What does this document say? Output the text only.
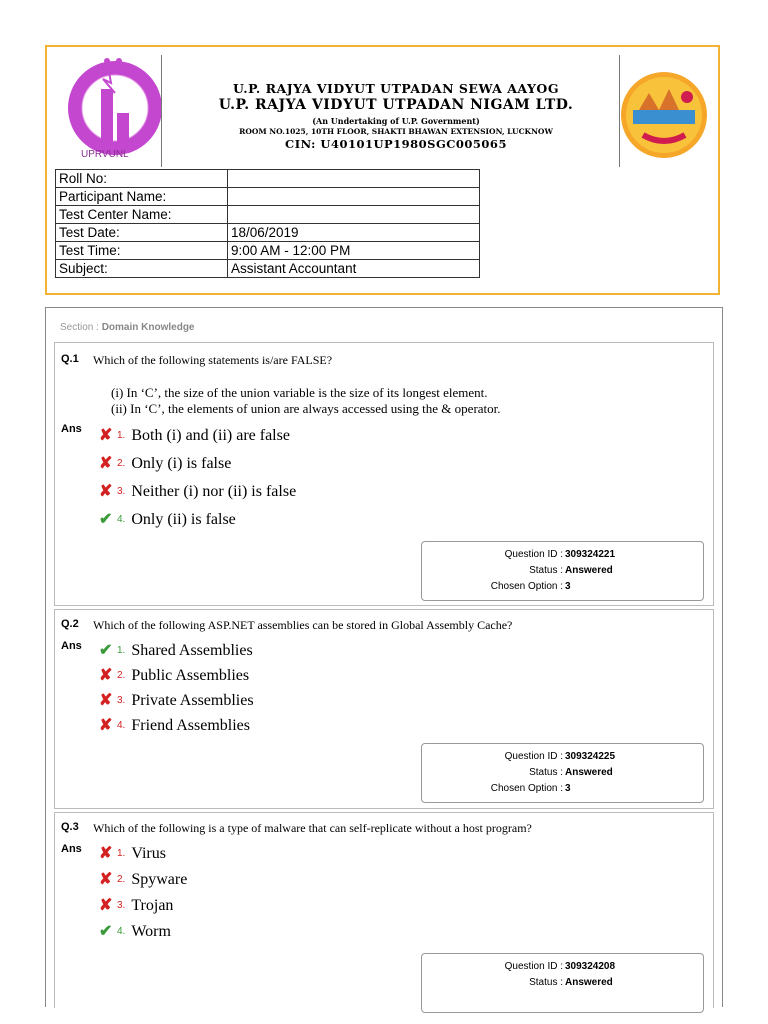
UPRVUNL
U.P. RAJYA VIDYUT UTPADAN SEWA AAYOG
U.P. RAJYA VIDYUT UTPADAN NIGAM LTD.
(An Undertaking of U.P. Government)
ROOM NO.1025, 10TH FLOOR, SHAKTI BHAWAN EXTENSION, LUCKNOW
CIN: U40101UP1980SGC005065
Roll No:	
Participant Name:	
Test Center Name:	
Test Date:	18/06/2019
Test Time:	9:00 AM - 12:00 PM
Subject:	Assistant Accountant
Section : Domain Knowledge
Q.1 Which of the following statements is/are FALSE?
(i) In ‘C’, the size of the union variable is the size of its longest element.
(ii) In ‘C’, the elements of union are always accessed using the & operator.
Ans ✘ 1. Both (i) and (ii) are false
✘ 2. Only (i) is false
✘ 3. Neither (i) nor (ii) is false
✔ 4. Only (ii) is false
Question ID : 309324221
Status : Answered
Chosen Option : 3
Q.2 Which of the following ASP.NET assemblies can be stored in Global Assembly Cache?
Ans ✔ 1. Shared Assemblies
✘ 2. Public Assemblies
✘ 3. Private Assemblies
✘ 4. Friend Assemblies
Question ID : 309324225
Status : Answered
Chosen Option : 3
Q.3 Which of the following is a type of malware that can self-replicate without a host program?
Ans ✘ 1. Virus
✘ 2. Spyware
✘ 3. Trojan
✔ 4. Worm
Question ID : 309324208
Status : Answered
